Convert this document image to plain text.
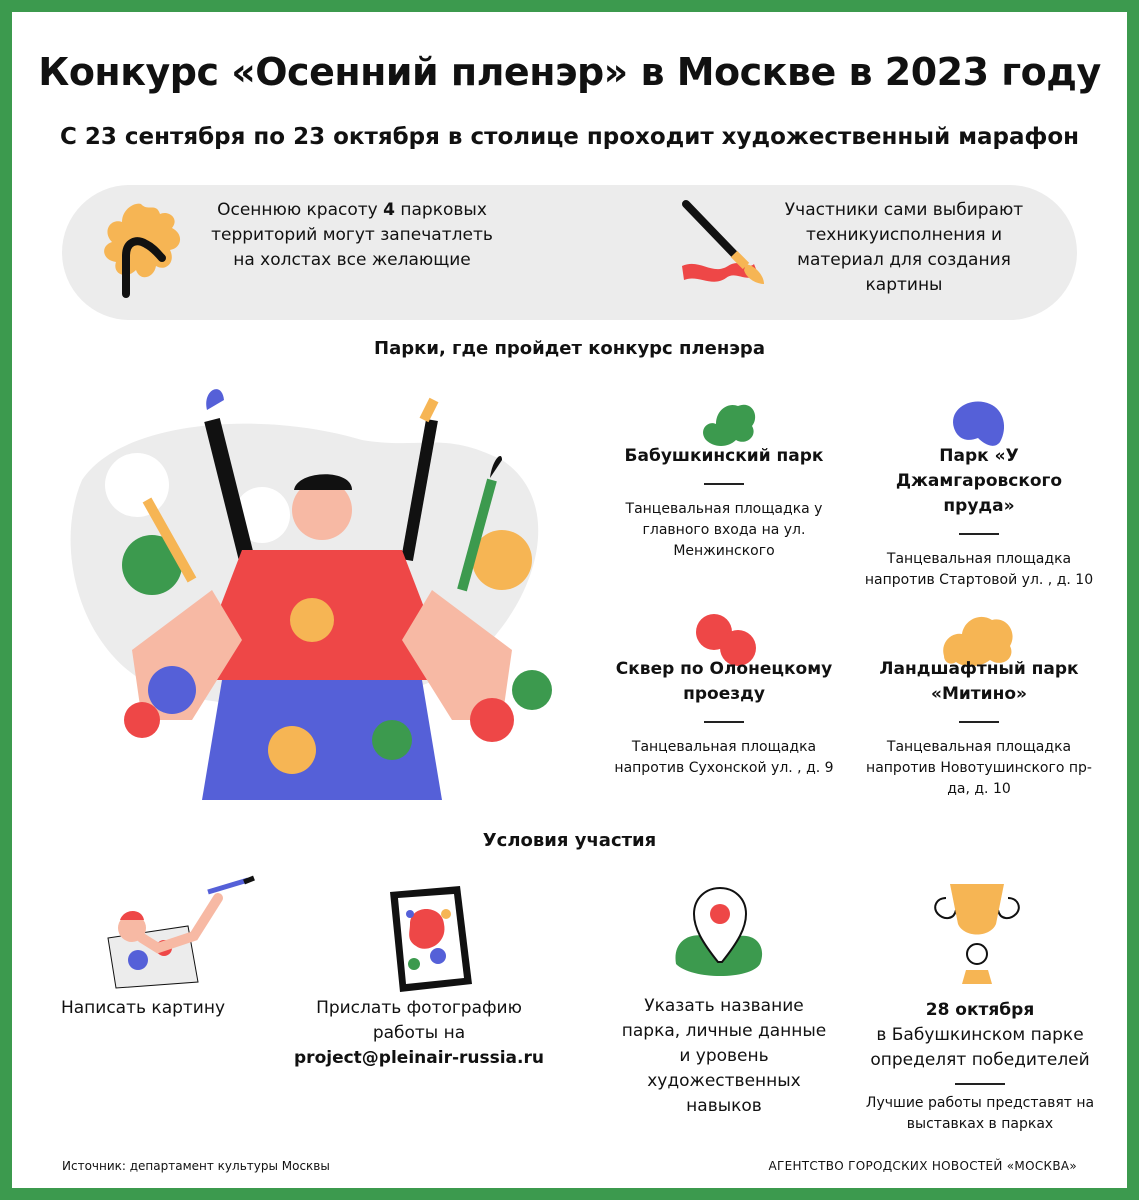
Конкурс «Осенний пленэр» в Москве в 2023 году
С 23 сентября по 23 октября в столице проходит художественный марафон
Осеннюю красоту 4 парковых территорий могут запечатлеть на холстах все желающие
Участники сами выбирают техникуисполнения и материал для создания картины
Парки, где пройдет конкурс пленэра
Бабушкинский парк
Танцевальная площадка у главного входа на ул. Менжинского
Парк «У Джамгаровского пруда»
Танцевальная площадка напротив Стартовой ул. , д. 10
Сквер по Олонецкому проезду
Танцевальная площадка напротив Сухонской ул. , д. 9
Ландшафтный парк «Митино»
Танцевальная площадка напротив Новотушинского пр-да, д. 10
Условия участия
Написать картину	Прислать фотографию работы на
project@pleinair-russia.ru
Указать название парка, личные данные и уровень художественных навыков
28 октября
в Бабушкинском парке определят победителей
Лучшие работы представят на выставках в парках
Источник: департамент культуры Москвы	АГЕНТСТВО ГОРОДСКИХ НОВОСТЕЙ «МОСКВА»
